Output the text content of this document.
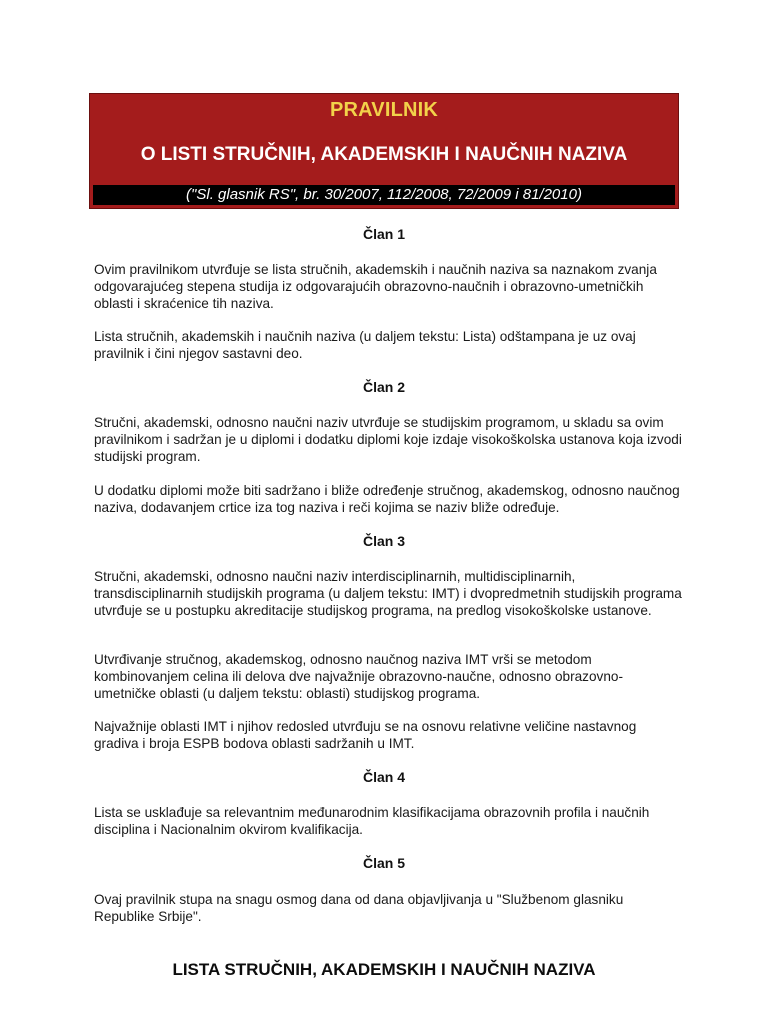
PRAVILNIK
O LISTI STRUČNIH, AKADEMSKIH I NAUČNIH NAZIVA
("Sl. glasnik RS", br. 30/2007, 112/2008, 72/2009 i 81/2010)
Član 1

Ovim pravilnikom utvrđuje se lista stručnih, akademskih i naučnih naziva sa naznakom zvanja odgovarajućeg stepena studija iz odgovarajućih obrazovno-naučnih i obrazovno-umetničkih oblasti i skraćenice tih naziva.

Lista stručnih, akademskih i naučnih naziva (u daljem tekstu: Lista) odštampana je uz ovaj pravilnik i čini njegov sastavni deo.

Član 2

Stručni, akademski, odnosno naučni naziv utvrđuje se studijskim programom, u skladu sa ovim pravilnikom i sadržan je u diplomi i dodatku diplomi koje izdaje visokoškolska ustanova koja izvodi studijski program.

U dodatku diplomi može biti sadržano i bliže određenje stručnog, akademskog, odnosno naučnog naziva, dodavanjem crtice iza tog naziva i reči kojima se naziv bliže određuje.

Član 3

Stručni, akademski, odnosno naučni naziv interdisciplinarnih, multidisciplinarnih, transdisciplinarnih studijskih programa (u daljem tekstu: IMT) i dvopredmetnih studijskih programa utvrđuje se u postupku akreditacije studijskog programa, na predlog visokoškolske ustanove.

Utvrđivanje stručnog, akademskog, odnosno naučnog naziva IMT vrši se metodom kombinovanjem celina ili delova dve najvažnije obrazovno-naučne, odnosno obrazovno-umetničke oblasti (u daljem tekstu: oblasti) studijskog programa.

Najvažnije oblasti IMT i njihov redosled utvrđuju se na osnovu relativne veličine nastavnog gradiva i broja ESPB bodova oblasti sadržanih u IMT.

Član 4

Lista se usklađuje sa relevantnim međunarodnim klasifikacijama obrazovnih profila i naučnih disciplina i Nacionalnim okvirom kvalifikacija.

Član 5

Ovaj pravilnik stupa na snagu osmog dana od dana objavljivanja u "Službenom glasniku Republike Srbije".

LISTA STRUČNIH, AKADEMSKIH I NAUČNIH NAZIVA
